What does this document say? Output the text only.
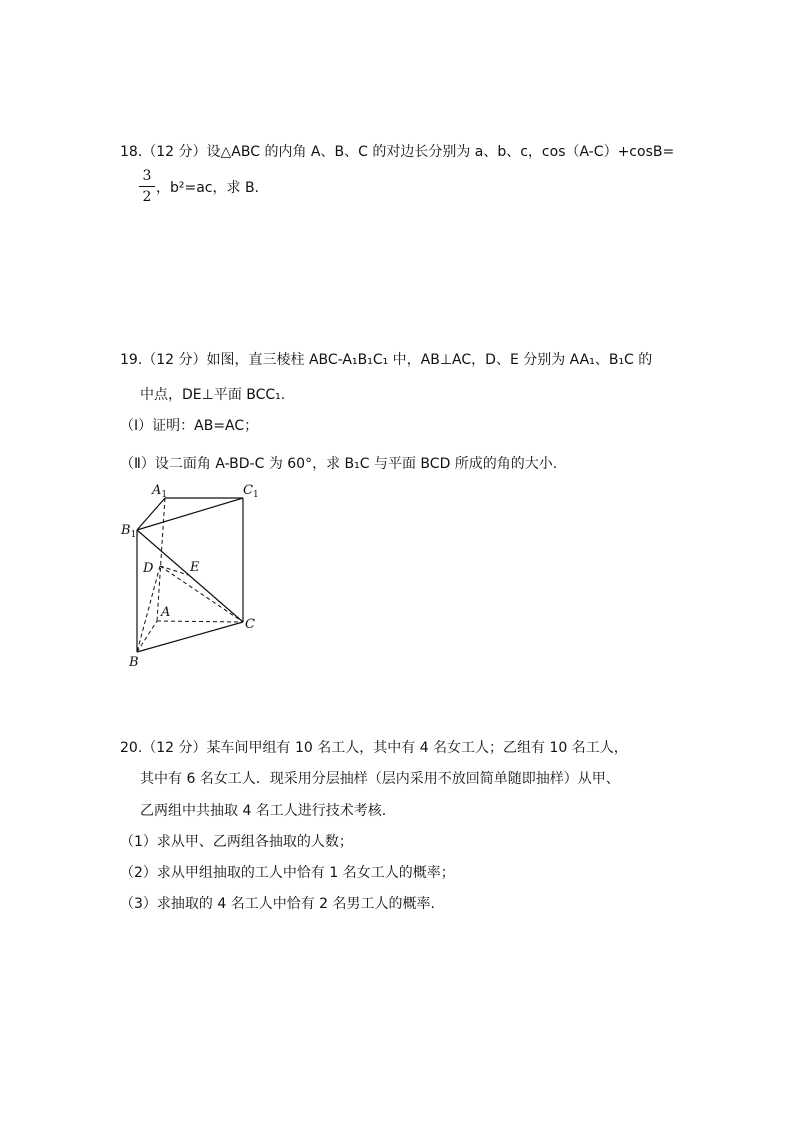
18.（12 分）设△ABC 的内角 A、B、C 的对边长分别为 a、b、c，cos（A-C）+cosB=
3
2
，b²=ac，求 B.
19.（12 分）如图，直三棱柱 ABC-A₁B₁C₁ 中，AB⊥AC，D、E 分别为 AA₁、B₁C 的
中点，DE⊥平面 BCC₁.
（Ⅰ）证明：AB=AC；
（Ⅱ）设二面角 A-BD-C 为 60°，求 B₁C 与平面 BCD 所成的角的大小.
$A_1$	$C_1$
$B_1$
D	E
A
C
B
20.（12 分）某车间甲组有 10 名工人，其中有 4 名女工人；乙组有 10 名工人，
其中有 6 名女工人．现采用分层抽样（层内采用不放回简单随即抽样）从甲、
乙两组中共抽取 4 名工人进行技术考核.
（1）求从甲、乙两组各抽取的人数；
（2）求从甲组抽取的工人中恰有 1 名女工人的概率；
（3）求抽取的 4 名工人中恰有 2 名男工人的概率.
